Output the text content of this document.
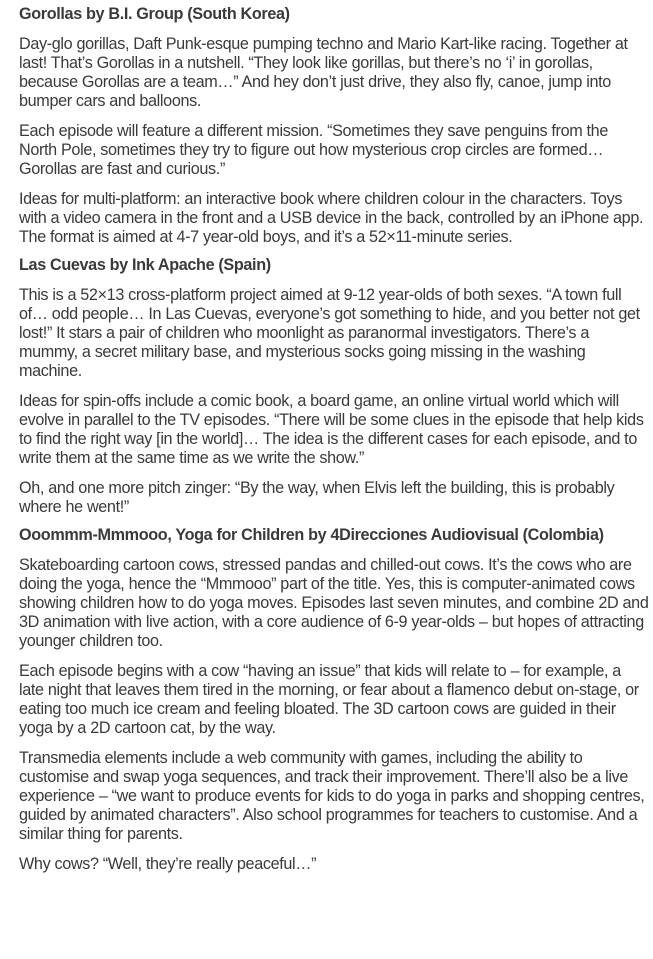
Gorollas by B.I. Group (South Korea)

Day-glo gorillas, Daft Punk-esque pumping techno and Mario Kart-like racing. Together at last! That’s Gorollas in a nutshell. “They look like gorillas, but there’s no ‘i’ in gorollas, because Gorollas are a team…” And hey don’t just drive, they also fly, canoe, jump into bumper cars and balloons.

Each episode will feature a different mission. “Sometimes they save penguins from the North Pole, sometimes they try to figure out how mysterious crop circles are formed… Gorollas are fast and curious.”

Ideas for multi-platform: an interactive book where children colour in the characters. Toys with a video camera in the front and a USB device in the back, controlled by an iPhone app. The format is aimed at 4-7 year-old boys, and it’s a 52×11-minute series.

Las Cuevas by Ink Apache (Spain)

This is a 52×13 cross-platform project aimed at 9-12 year-olds of both sexes. “A town full of… odd people… In Las Cuevas, everyone’s got something to hide, and you better not get lost!” It stars a pair of children who moonlight as paranormal investigators. There’s a mummy, a secret military base, and mysterious socks going missing in the washing machine.

Ideas for spin-offs include a comic book, a board game, an online virtual world which will evolve in parallel to the TV episodes. “There will be some clues in the episode that help kids to find the right way [in the world]… The idea is the different cases for each episode, and to write them at the same time as we write the show.”

Oh, and one more pitch zinger: “By the way, when Elvis left the building, this is probably where he went!”

Ooommm-Mmmooo, Yoga for Children by 4Direcciones Audiovisual (Colombia)

Skateboarding cartoon cows, stressed pandas and chilled-out cows. It’s the cows who are doing the yoga, hence the “Mmmooo” part of the title. Yes, this is computer-animated cows showing children how to do yoga moves. Episodes last seven minutes, and combine 2D and 3D animation with live action, with a core audience of 6-9 year-olds – but hopes of attracting younger children too.

Each episode begins with a cow “having an issue” that kids will relate to – for example, a late night that leaves them tired in the morning, or fear about a flamenco debut on-stage, or eating too much ice cream and feeling bloated. The 3D cartoon cows are guided in their yoga by a 2D cartoon cat, by the way.

Transmedia elements include a web community with games, including the ability to customise and swap yoga sequences, and track their improvement. There’ll also be a live experience – “we want to produce events for kids to do yoga in parks and shopping centres, guided by animated characters”. Also school programmes for teachers to customise. And a similar thing for parents.

Why cows? “Well, they’re really peaceful…”
